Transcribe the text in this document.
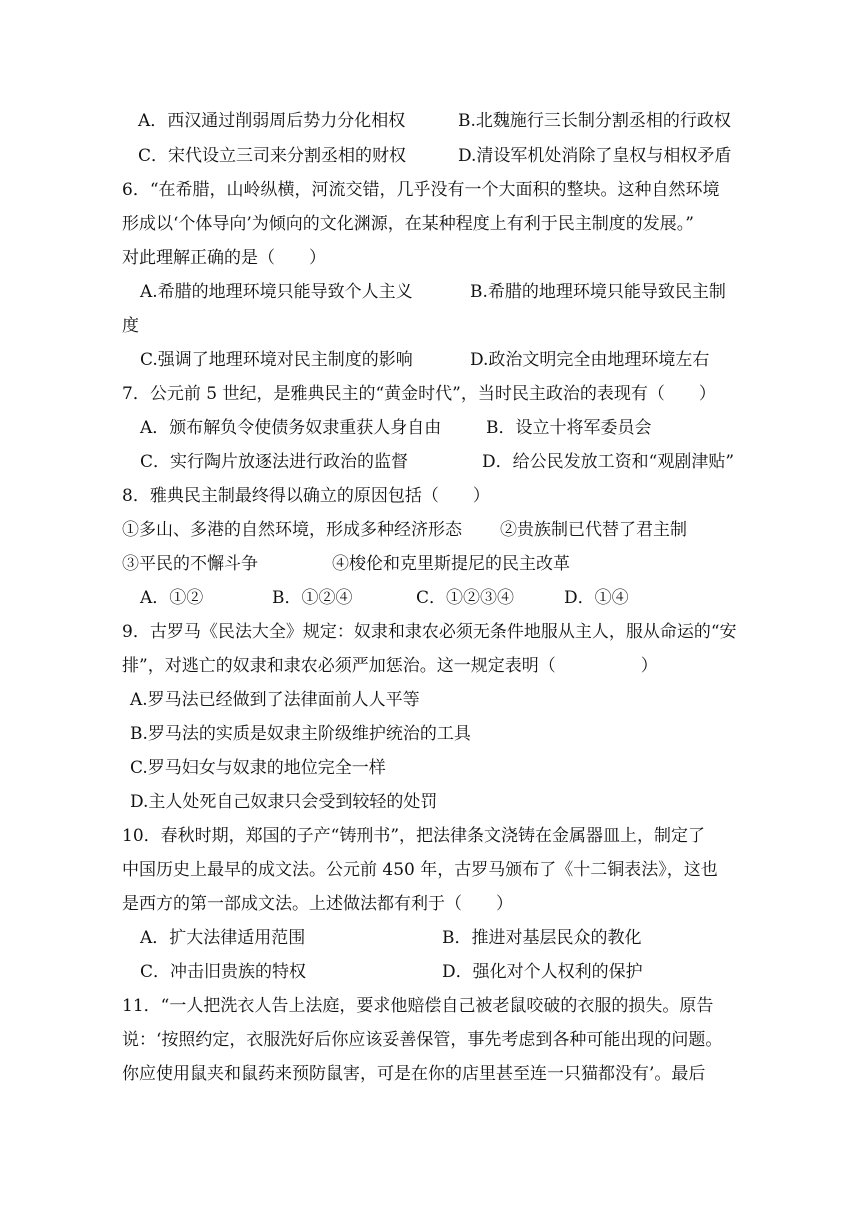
A．西汉通过削弱周后势力分化相权	B.北魏施行三长制分割丞相的行政权
C．宋代设立三司来分割丞相的财权	D.清设军机处消除了皇权与相权矛盾
6．“在希腊，山岭纵横，河流交错，几乎没有一个大面积的整块。这种自然环境
形成以‘个体导向’为倾向的文化渊源，在某种程度上有利于民主制度的发展。”
对此理解正确的是（　　）
A.希腊的地理环境只能导致个人主义	B.希腊的地理环境只能导致民主制
度
C.强调了地理环境对民主制度的影响	D.政治文明完全由地理环境左右
7．公元前 5 世纪，是雅典民主的“黄金时代”，当时民主政治的表现有（　　）
A．颁布解负令使债务奴隶重获人身自由	B．设立十将军委员会
C．实行陶片放逐法进行政治的监督	D．给公民发放工资和“观剧津贴”
8．雅典民主制最终得以确立的原因包括（　　）
①多山、多港的自然环境，形成多种经济形态 ②贵族制已代替了君主制
③平民的不懈斗争	④梭伦和克里斯提尼的民主改革
A．①②	B．①②④	C．①②③④	D．①④
9．古罗马《民法大全》规定：奴隶和隶农必须无条件地服从主人，服从命运的“安
排”，对逃亡的奴隶和隶农必须严加惩治。这一规定表明（　　　　　）
A.罗马法已经做到了法律面前人人平等
B.罗马法的实质是奴隶主阶级维护统治的工具
C.罗马妇女与奴隶的地位完全一样
D.主人处死自己奴隶只会受到较轻的处罚
10．春秋时期，郑国的子产“铸刑书”，把法律条文浇铸在金属器皿上，制定了
中国历史上最早的成文法。公元前 450 年，古罗马颁布了《十二铜表法》，这也
是西方的第一部成文法。上述做法都有利于（　　）
A．扩大法律适用范围	B．推进对基层民众的教化
C．冲击旧贵族的特权	D．强化对个人权利的保护
11．“一人把洗衣人告上法庭，要求他赔偿自己被老鼠咬破的衣服的损失。原告
说：‘按照约定，衣服洗好后你应该妥善保管，事先考虑到各种可能出现的问题。
你应使用鼠夹和鼠药来预防鼠害，可是在你的店里甚至连一只猫都没有’。最后
